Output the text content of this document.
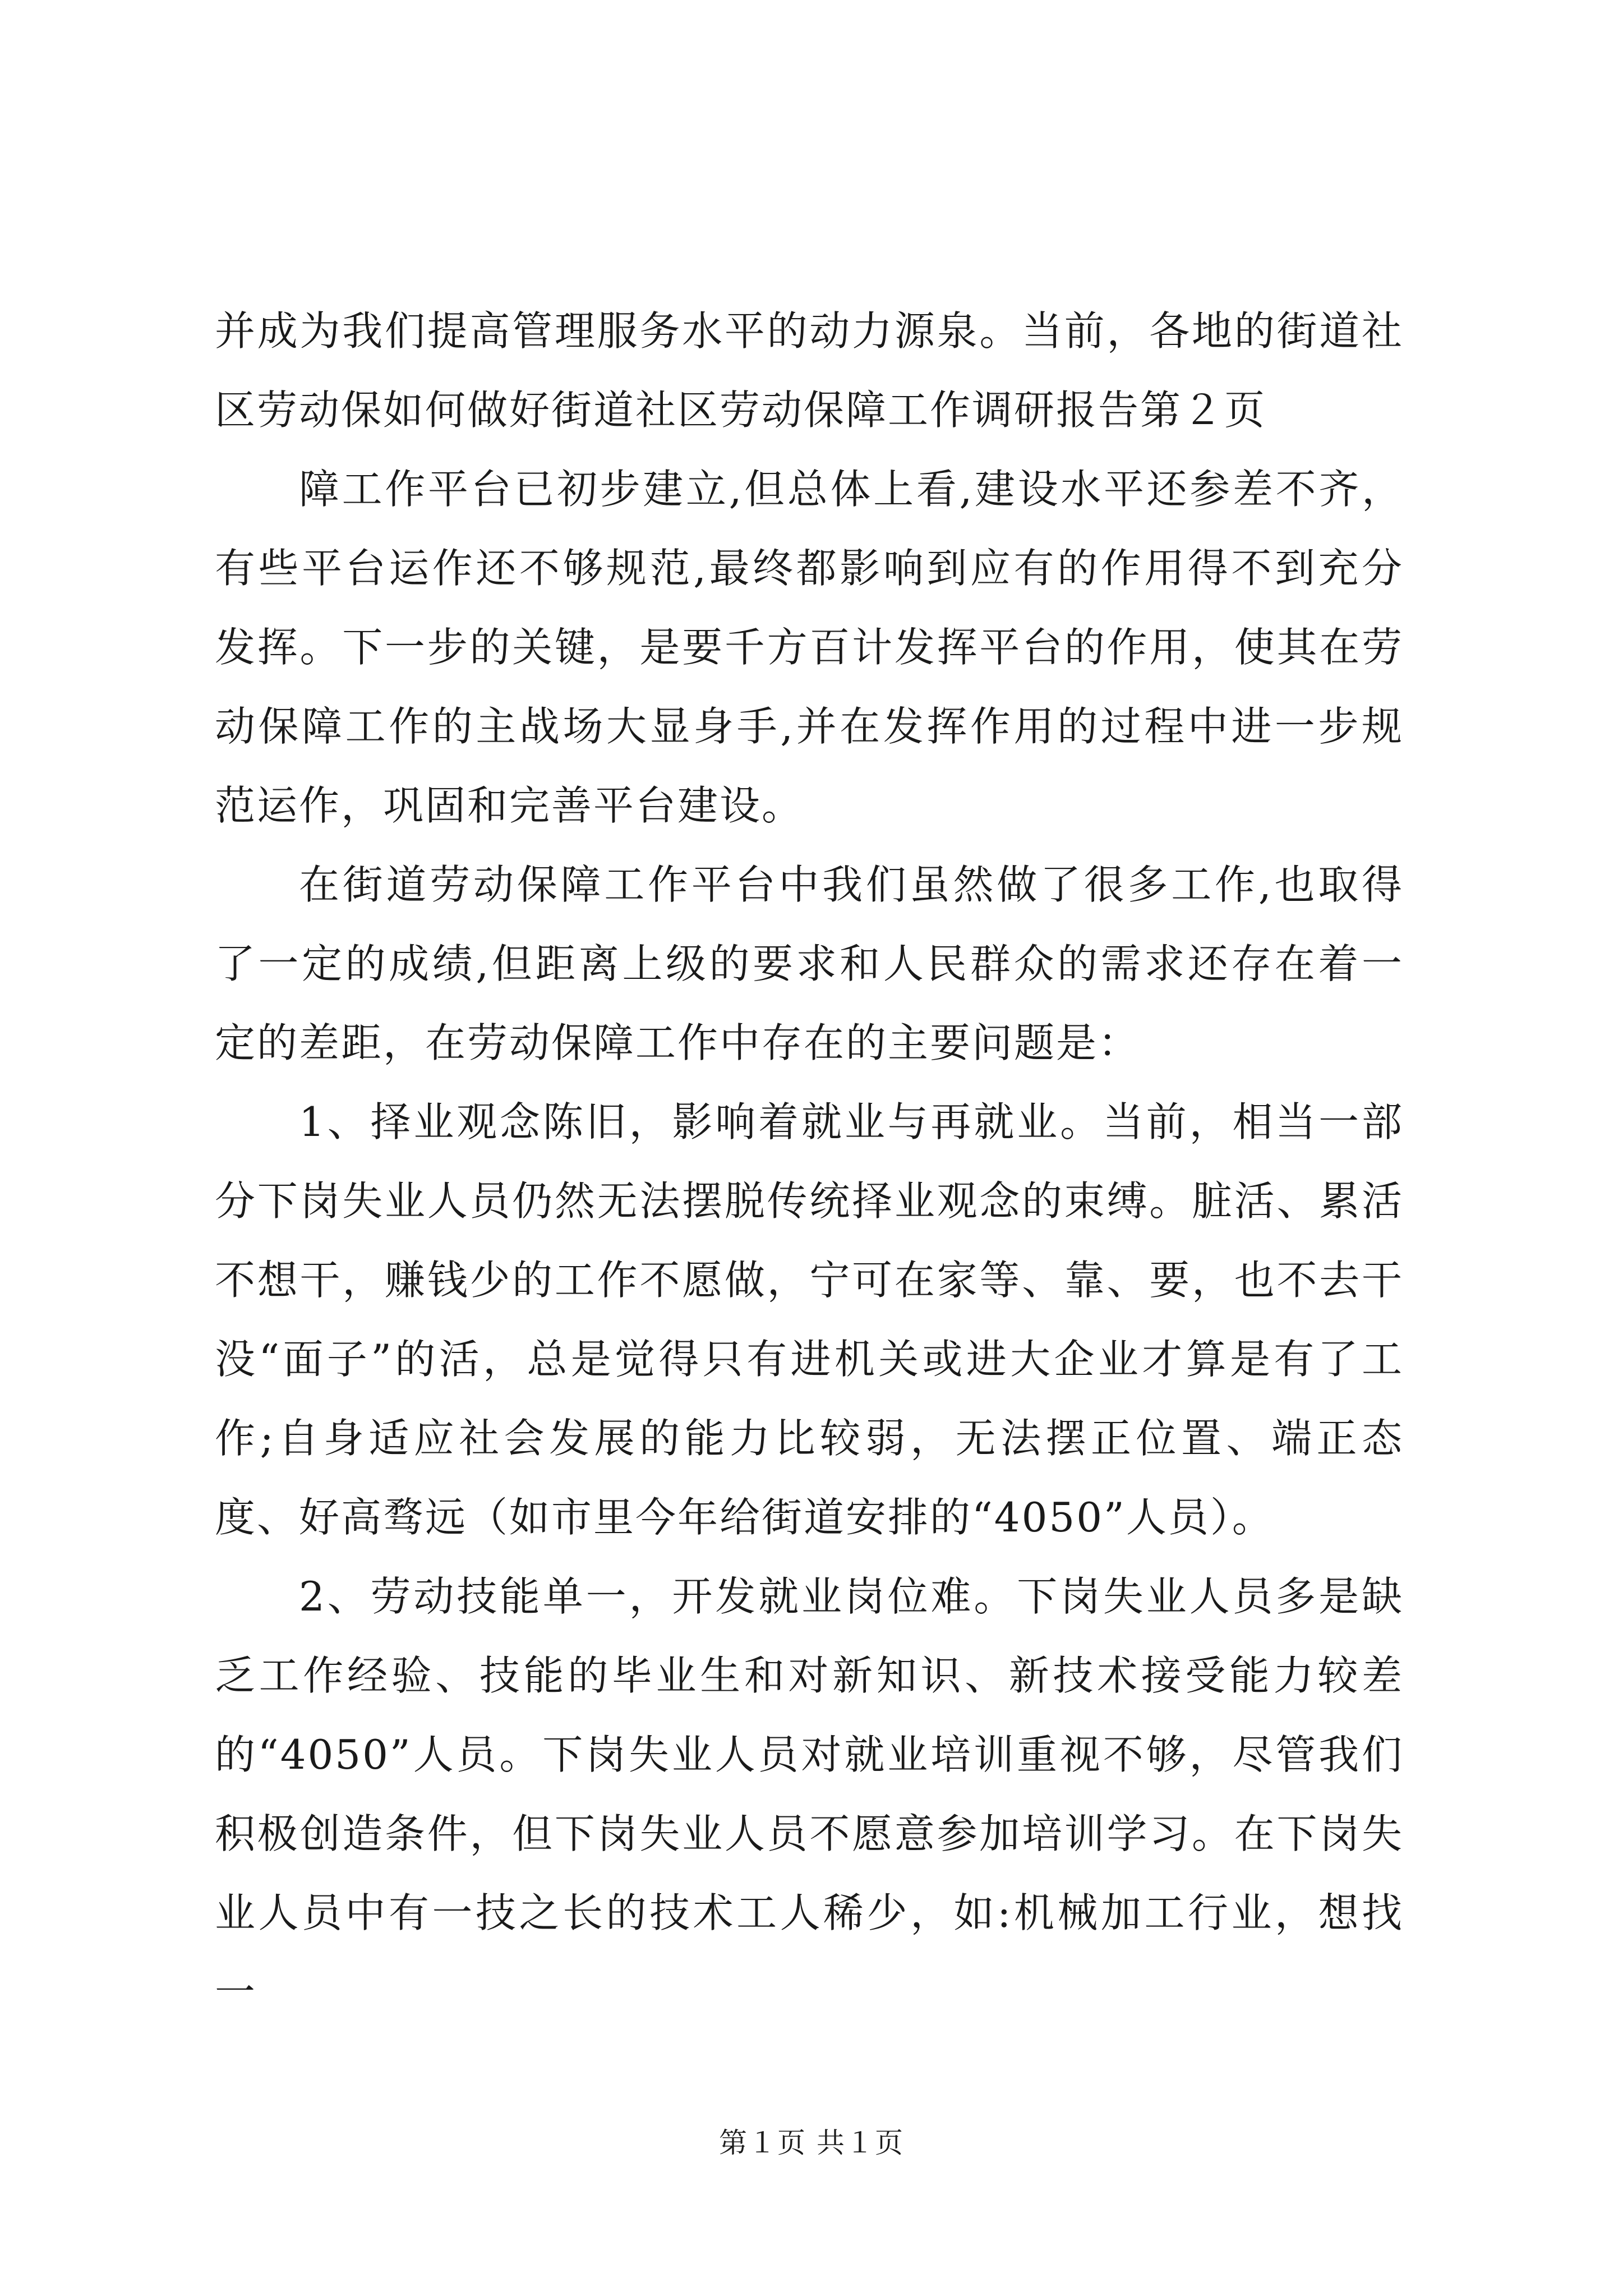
并成为我们提高管理服务水平的动力源泉。当前，各地的街道社区劳动保如何做好街道社区劳动保障工作调研报告第２页

障工作平台已初步建立,但总体上看,建设水平还参差不齐，有些平台运作还不够规范,最终都影响到应有的作用得不到充分发挥。下一步的关键，是要千方百计发挥平台的作用，使其在劳动保障工作的主战场大显身手,并在发挥作用的过程中进一步规范运作，巩固和完善平台建设。

在街道劳动保障工作平台中我们虽然做了很多工作,也取得了一定的成绩,但距离上级的要求和人民群众的需求还存在着一定的差距，在劳动保障工作中存在的主要问题是：

1、择业观念陈旧，影响着就业与再就业。当前，相当一部分下岗失业人员仍然无法摆脱传统择业观念的束缚。脏活、累活不想干，赚钱少的工作不愿做，宁可在家等、靠、要，也不去干没“面子”的活，总是觉得只有进机关或进大企业才算是有了工作;自身适应社会发展的能力比较弱，无法摆正位置、端正态度、好高骛远（如市里今年给街道安排的“4050”人员）。

2、劳动技能单一，开发就业岗位难。下岗失业人员多是缺乏工作经验、技能的毕业生和对新知识、新技术接受能力较差的“4050”人员。下岗失业人员对就业培训重视不够，尽管我们积极创造条件，但下岗失业人员不愿意参加培训学习。在下岗失业人员中有一技之长的技术工人稀少，如:机械加工行业，想找一

第１页 共１页
